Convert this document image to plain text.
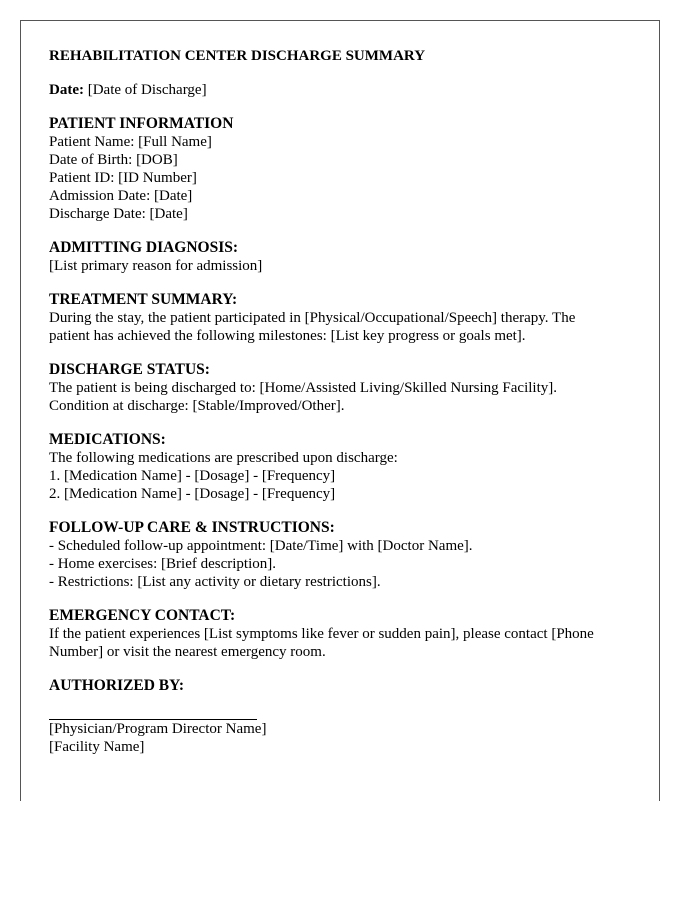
REHABILITATION CENTER DISCHARGE SUMMARY
Date: [Date of Discharge]
PATIENT INFORMATION
Patient Name: [Full Name]
Date of Birth: [DOB]
Patient ID: [ID Number]
Admission Date: [Date]
Discharge Date: [Date]
ADMITTING DIAGNOSIS:
[List primary reason for admission]
TREATMENT SUMMARY:
During the stay, the patient participated in [Physical/Occupational/Speech] therapy. The
patient has achieved the following milestones: [List key progress or goals met].
DISCHARGE STATUS:
The patient is being discharged to: [Home/Assisted Living/Skilled Nursing Facility].
Condition at discharge: [Stable/Improved/Other].
MEDICATIONS:
The following medications are prescribed upon discharge:
1. [Medication Name] - [Dosage] - [Frequency]
2. [Medication Name] - [Dosage] - [Frequency]
FOLLOW-UP CARE & INSTRUCTIONS:
- Scheduled follow-up appointment: [Date/Time] with [Doctor Name].
- Home exercises: [Brief description].
- Restrictions: [List any activity or dietary restrictions].
EMERGENCY CONTACT:
If the patient experiences [List symptoms like fever or sudden pain], please contact [Phone
Number] or visit the nearest emergency room.
AUTHORIZED BY:
[Physician/Program Director Name]
[Facility Name]
